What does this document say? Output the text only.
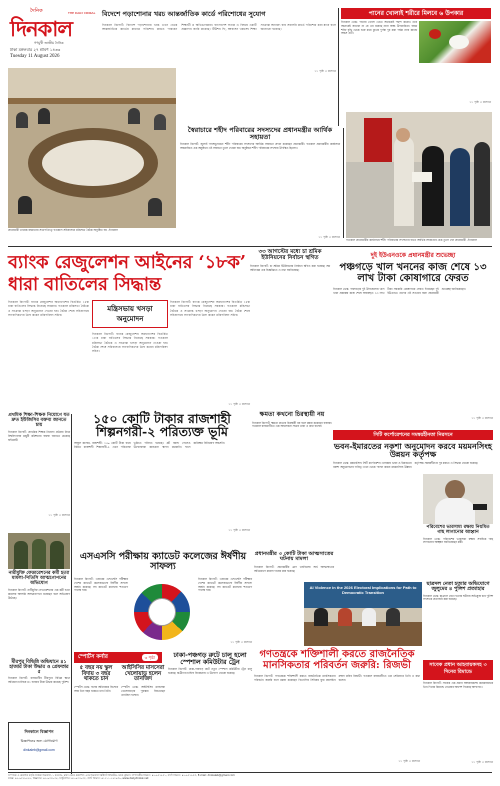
দৈনিক
দিনকাল
THE DAILY DINKAL
গণমুখী জাতীয় দৈনিক
ঢাকা মঙ্গলবার ২৭ শ্রাবণ ১৪৩৩
Tuesday 11 August 2026
বিদেশে পড়াশোনার খরচ আন্তর্জাতিক কার্ডে পরিশোধের সুযোগ
দিনকাল রিপোর্ট: বিদেশে পড়াশোনার খরচ এখন থেকে আন্তর্জাতিক কার্ডের মাধ্যমে পরিশোধ করতে পারবেন শিক্ষার্থী ও অভিভাবকরা। বাংলাদেশ ব্যাংক এ বিষয়ে একটি প্রজ্ঞাপন জারি করেছে। টিউশন ফি, আবাসন খরচসহ শিক্ষা সংক্রান্ত অন্যান্য ব্যয় সরাসরি কার্ডে পরিশোধ করা যাবে বলে জানানো হয়েছে।
১১ পৃষ্ঠা ৩ কলামে
পানের খোলাই শরীরে মিলবে ৬ উপকার
দিনকাল ডেস্ক: পানের খোলা খেতে অনেকেই পছন্দ করেন। তবে অনেকেই জানেন না যে এর রয়েছে নানা স্বাস্থ্য উপকারিতা। হজম শক্তি বৃদ্ধি থেকে শুরু করে মুখের দুর্গন্ধ দূর করা পর্যন্ত নানা কাজে আসে এটি।
১১ পৃষ্ঠা ৩ কলামে
স্বৈরাচারে শহীদ পরিবারের সদস্যদের প্রধানমন্ত্রীর আর্থিক সহায়তা
দিনকাল রিপোর্ট: জুলাই গণঅভ্যুত্থানে শহীদ পরিবারের সদস্যদের আর্থিক সহায়তা প্রদান করেছেন প্রধানমন্ত্রী। গতকাল প্রধানমন্ত্রীর কার্যালয়ে আয়োজিত এক অনুষ্ঠানে এই সহায়তা তুলে দেওয়া হয়। অনুষ্ঠানে শহীদ পরিবারের সদস্যরা উপস্থিত ছিলেন।
১১ পৃষ্ঠা ৩ কলামে
প্রধানমন্ত্রী তারেক রহমানের সভাপতিত্বে গতকাল সচিবালয়ে মন্ত্রিসভা বৈঠক অনুষ্ঠিত হয় -দিনকাল
গতকাল প্রধানমন্ত্রীর কার্যালয়ে শহীদ পরিবারের সদস্যদের হাতে আর্থিক সহায়তার চেক তুলে দেন প্রধানমন্ত্রী -দিনকাল
ব্যাংক রেজুলেশন আইনের ‘১৮ক’ ধারা বাতিলের সিদ্ধান্ত
দিনকাল রিপোর্ট: ব্যাংক রেজুলেশন অধ্যাদেশের বিতর্কিত ১৮ক ধারা বাতিলের সিদ্ধান্ত নিয়েছে সরকার। গতকাল মন্ত্রিসভা বৈঠকে এ সংক্রান্ত খসড়া অনুমোদন দেওয়া হয়। বৈঠক শেষে সচিবালয়ে সাংবাদিকদের ব্রিফ করেন মন্ত্রিপরিষদ সচিব।
মন্ত্রিসভায় খসড়া অনুমোদন
দিনকাল রিপোর্ট: ব্যাংক রেজুলেশন অধ্যাদেশের বিতর্কিত ১৮ক ধারা বাতিলের সিদ্ধান্ত নিয়েছে সরকার। গতকাল মন্ত্রিসভা বৈঠকে এ সংক্রান্ত খসড়া অনুমোদন দেওয়া হয়। বৈঠক শেষে সচিবালয়ে সাংবাদিকদের ব্রিফ করেন মন্ত্রিপরিষদ সচিব।
দিনকাল রিপোর্ট: ব্যাংক রেজুলেশন অধ্যাদেশের বিতর্কিত ১৮ক ধারা বাতিলের সিদ্ধান্ত নিয়েছে সরকার। গতকাল মন্ত্রিসভা বৈঠকে এ সংক্রান্ত খসড়া অনুমোদন দেওয়া হয়। বৈঠক শেষে সচিবালয়ে সাংবাদিকদের ব্রিফ করেন মন্ত্রিপরিষদ সচিব।
১১ পৃষ্ঠা ৩ কলামে
৩৩ আগস্টের মধ্যে চা শ্রমিক ইউনিয়নের নির্বাচন স্থগিত
দিনকাল রিপোর্ট: চা শ্রমিক ইউনিয়নের নির্বাচন স্থগিত করা হয়েছে। শ্রম অধিদপ্তর এক বিজ্ঞপ্তিতে এ তথ্য জানিয়েছে।
দুই ইউএনওকে প্রধানমন্ত্রীর শুভেচ্ছা
পঞ্চগড়ে খাল খননের কাজ শেষে ১৩ লাখ টাকা কোষাগারে ফেরত
দিনকাল ডেস্ক: পঞ্চগড়ের দুই উপজেলায় খাল খনন প্রকল্পের কাজ শেষে অব্যবহৃত ১৩ লাখ টাকা সরকারি কোষাগারে ফেরত দিয়েছেন দুই ইউএনও। তাদের এই সততার জন্য প্রধানমন্ত্রী শুভেচ্ছা জানিয়েছেন।
১১ পৃষ্ঠা ৩ কলামে
প্রথমিক শিক্ষা-শিক্ষক নিয়োগে যত দ্রুত ইউজিসির বক্তব্য জানতে চায়
দিনকাল রিপোর্ট: প্রাথমিক শিক্ষক নিয়োগ প্রক্রিয়া নিয়ে বিশ্ববিদ্যালয় মঞ্জুরী কমিশনের বক্তব্য জানতে চেয়েছে হাইকোর্ট।
১১ পৃষ্ঠা ৩ কলামে
১৫০ কোটি টাকার রাজশাহী শিল্পনগরী-২ পরিত্যক্ত ভূমি
আবুল কালাম, রাজশাহী: ১৫০ কোটি টাকা ব্যয়ে নির্মিত রাজশাহী শিল্পনগরী-২ এখন পরিত্যক্ত ভূমিতে পরিণত হয়েছে। প্লট বরাদ্দ পেলেও উদ্যোক্তারা কারখানা স্থাপন করেননি। ফলে কাঙ্ক্ষিত বিনিয়োগ আসেনি।
১১ পৃষ্ঠা ৩ কলামে
ক্ষমতা কখনো চিরস্থায়ী নয়
দিনকাল রিপোর্ট: ক্ষমতা কখনো চিরস্থায়ী নয় বলে মন্তব্য করেছেন বক্তারা। গতকাল রাজধানীতে এক আলোচনা সভায় তারা এ কথা বলেন।
সিটি কর্পোরেশনের সমন্বয়হীনতা নিরসনে
ভবন-ইমারতের নকশা অনুমোদন করবে ময়মনসিংহ উন্নয়ন কর্তৃপক্ষ
দিনকাল ডেস্ক: ময়মনসিংহ সিটি কর্পোরেশন এলাকায় ভবন ও ইমারতের নকশা অনুমোদনের দায়িত্ব এখন থেকে পালন করবে ময়মনসিংহ উন্নয়ন কর্তৃপক্ষ। সমন্বয়হীনতা দূর করতে এ সিদ্ধান্ত নেওয়া হয়েছে।
পরিবেশের ভারসাম্য রক্ষায় নিয়মিত গাছ লাগানোর আহ্বান
দিনকাল ডেস্ক: পরিবেশের ভারসাম্য রক্ষায় সবাইকে গাছ লাগানোর আহ্বান জানিয়েছেন মন্ত্রী।
এসএসসি পরীক্ষায় ক্যাডেট কলেজের ঈর্ষণীয় সাফল্য
দিনকাল রিপোর্ট: এবারের এসএসসি পরীক্ষায় দেশের ক্যাডেট কলেজগুলো ঈর্ষণীয় সাফল্য অর্জন করেছে। সব ক্যাডেট কলেজে শতভাগ পাসের হার।
দিনকাল রিপোর্ট: এবারের এসএসসি পরীক্ষায় দেশের ক্যাডেট কলেজগুলো ঈর্ষণীয় সাফল্য অর্জন করেছে। সব ক্যাডেট কলেজে শতভাগ পাসের হার।
১১ পৃষ্ঠা ৩ কলামে
প্রধানমন্ত্রীর ৩ কোটি টাকা আত্মসাতের ঘটনায় মামলা
দিনকাল রিপোর্ট: প্রধানমন্ত্রীর ত্রাণ তহবিলের অর্থ আত্মসাতের অভিযোগে মামলা দায়ের করা হয়েছে।
AI Violence in the 2026 Electoral Implications for Path to Democratic Transition
ছাত্রদল নেতা হত্যার অভিযোগে জুলুমের ৪ পুলিশ প্রত্যাহার
দিনকাল ডেস্ক: ছাত্রদল নেতা হত্যার ঘটনায় অভিযুক্ত চার পুলিশ সদস্যকে প্রত্যাহার করা হয়েছে।
নারীমুক্তি ফেডারেশনের কর্মী হত্যা মামলা-পিতিসি আত্মগোপনের অভিযোগ
দিনকাল রিপোর্ট: নারীমুক্তি ফেডারেশনের এক কর্মী হত্যা মামলার আসামি আত্মগোপনে রয়েছেন বলে অভিযোগ উঠেছে।
মীরপুর বিভিন্নি অভিযানে ৪১ হাজার টাকা উদ্ধার ও গ্রেফতার ৫
দিনকাল রিপোর্ট: রাজধানীর মীরপুরে বিভিন্ন স্থানে অভিযান চালিয়ে ৪১ হাজার টাকা উদ্ধার করেছে পুলিশ।
দিনকালে বিজ্ঞাপন
বিজ্ঞাপনের জন্য যোগাযোগ
dinkaleb@gmail.com
স্পোর্টস কর্নার	৩ পৃষ্ঠা
৫ বছর নয় স্কুল বিদায় ৩ বছর থাকতে চান
স্পোর্টস ডেস্ক: দলের অধিনায়ক হিসেবে আর তিন বছর থাকতে চান তিনি।
আইসিসির মাসসেরা খেলোয়াড় হলেন তানজিদ
স্পোর্টস ডেস্ক: আইসিসির মাসসেরা খেলোয়াড়ের পুরস্কার জিতেছেন তানজিদ হাসান।
ঢাকা-পঞ্চগড় রুটে চালু হলো স্পেশাল কমিউটার ট্রেন
দিনকাল রিপোর্ট: ঢাকা-পঞ্চগড় রুটে নতুন স্পেশাল কমিউটার ট্রেন চালু হয়েছে। যাত্রীদের চাহিদা বিবেচনায় এ উদ্যোগ নেওয়া হয়েছে।
গণতন্ত্রকে শক্তিশালী করতে রাজনৈতিক মানসিকতার পরিবর্তন জরুরি: রিজভী
দিনকাল রিপোর্ট: গণতন্ত্রকে শক্তিশালী করতে রাজনৈতিক মানসিকতার পরিবর্তন জরুরি বলে মন্তব্য করেছেন বিএনপির সিনিয়র যুগ্ম মহাসচিব রুহুল কবির রিজভী। গতকাল রাজধানীতে এক সেমিনারে তিনি এ কথা বলেন।
১১ পৃষ্ঠা ৩ কলামে
সাবেক প্রধান আহবায়কসহ ৩ দিনের রিমান্ডে
দিনকাল রিপোর্ট: সাবেক এক প্রধান আহবায়কসহ কয়েকজনকে তিন দিনের রিমান্ডে নেওয়ার আদেশ দিয়েছে আদালত।
১১ পৃষ্ঠা ৩ কলামে
সম্পাদক ও প্রকাশক কর্তৃক দৈনিক দিনকাল, ১ বনগ্রাম, ঢাকা থেকে প্রকাশিত এবং দিনকাল প্রিন্টার্স লিমিটেড থেকে মুদ্রিত। সম্পাদকীয় বিভাগ: ০২-৯৫৭৮৫১, বার্তা বিভাগ: ০২-৯৫৭৮৫৩, E-mail: dinkaleb@gmail.com
ফ্যাক্স: ০২-৯৫৭৮৪২৪, বিজ্ঞাপন: ০২-৯৫৭৮৫৪, সার্কুলেশন: ০২-৯৫৭৮৫৫, বার্তা বিভাগ: ০১৭১১-১৬৭৮৩৯, www.dailydinkal.net
